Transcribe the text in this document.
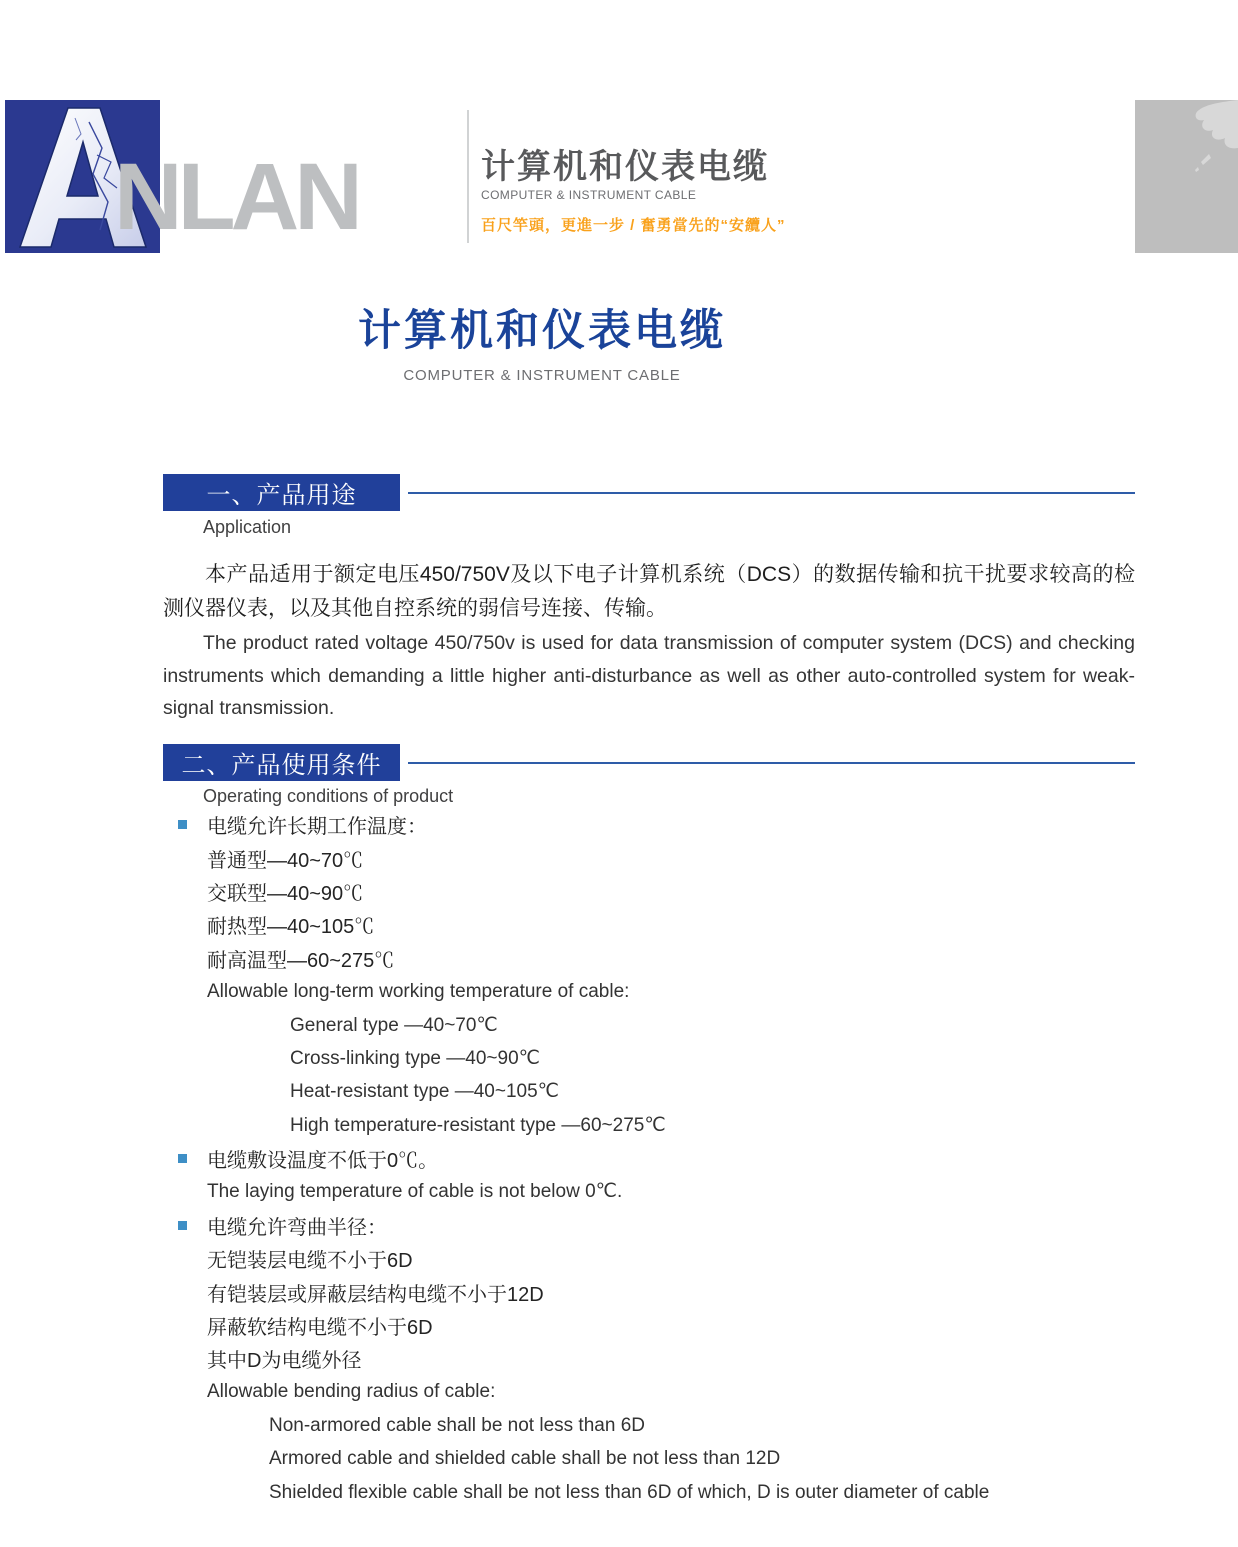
NLAN	计算机和仪表电缆
COMPUTER & INSTRUMENT CABLE
百尺竿頭，更進一步 / 奮勇當先的“安纜人”
计算机和仪表电缆
COMPUTER & INSTRUMENT CABLE
一、产品用途
Application
本产品适用于额定电压450/750V及以下电子计算机系统（DCS）的数据传输和抗干扰要求较高的检测仪器仪表，以及其他自控系统的弱信号连接、传输。
The product rated voltage 450/750v is used for data transmission of computer system (DCS) and checking instruments which demanding a little higher anti-disturbance as well as other auto-controlled system for weak-signal transmission.
二、产品使用条件
Operating conditions of product
电缆允许长期工作温度：
普通型—40~70℃
交联型—40~90℃
耐热型—40~105℃
耐高温型—60~275℃
Allowable long-term working temperature of cable:
General type —40~70℃
Cross-linking type —40~90℃
Heat-resistant type —40~105℃
High temperature-resistant type —60~275℃
电缆敷设温度不低于0℃。
The laying temperature of cable is not below 0℃.
电缆允许弯曲半径：
无铠装层电缆不小于6D
有铠装层或屏蔽层结构电缆不小于12D
屏蔽软结构电缆不小于6D
其中D为电缆外径
Allowable bending radius of cable:
Non-armored cable shall be not less than 6D
Armored cable and shielded cable shall be not less than 12D
Shielded flexible cable shall be not less than 6D of which, D is outer diameter of cable
